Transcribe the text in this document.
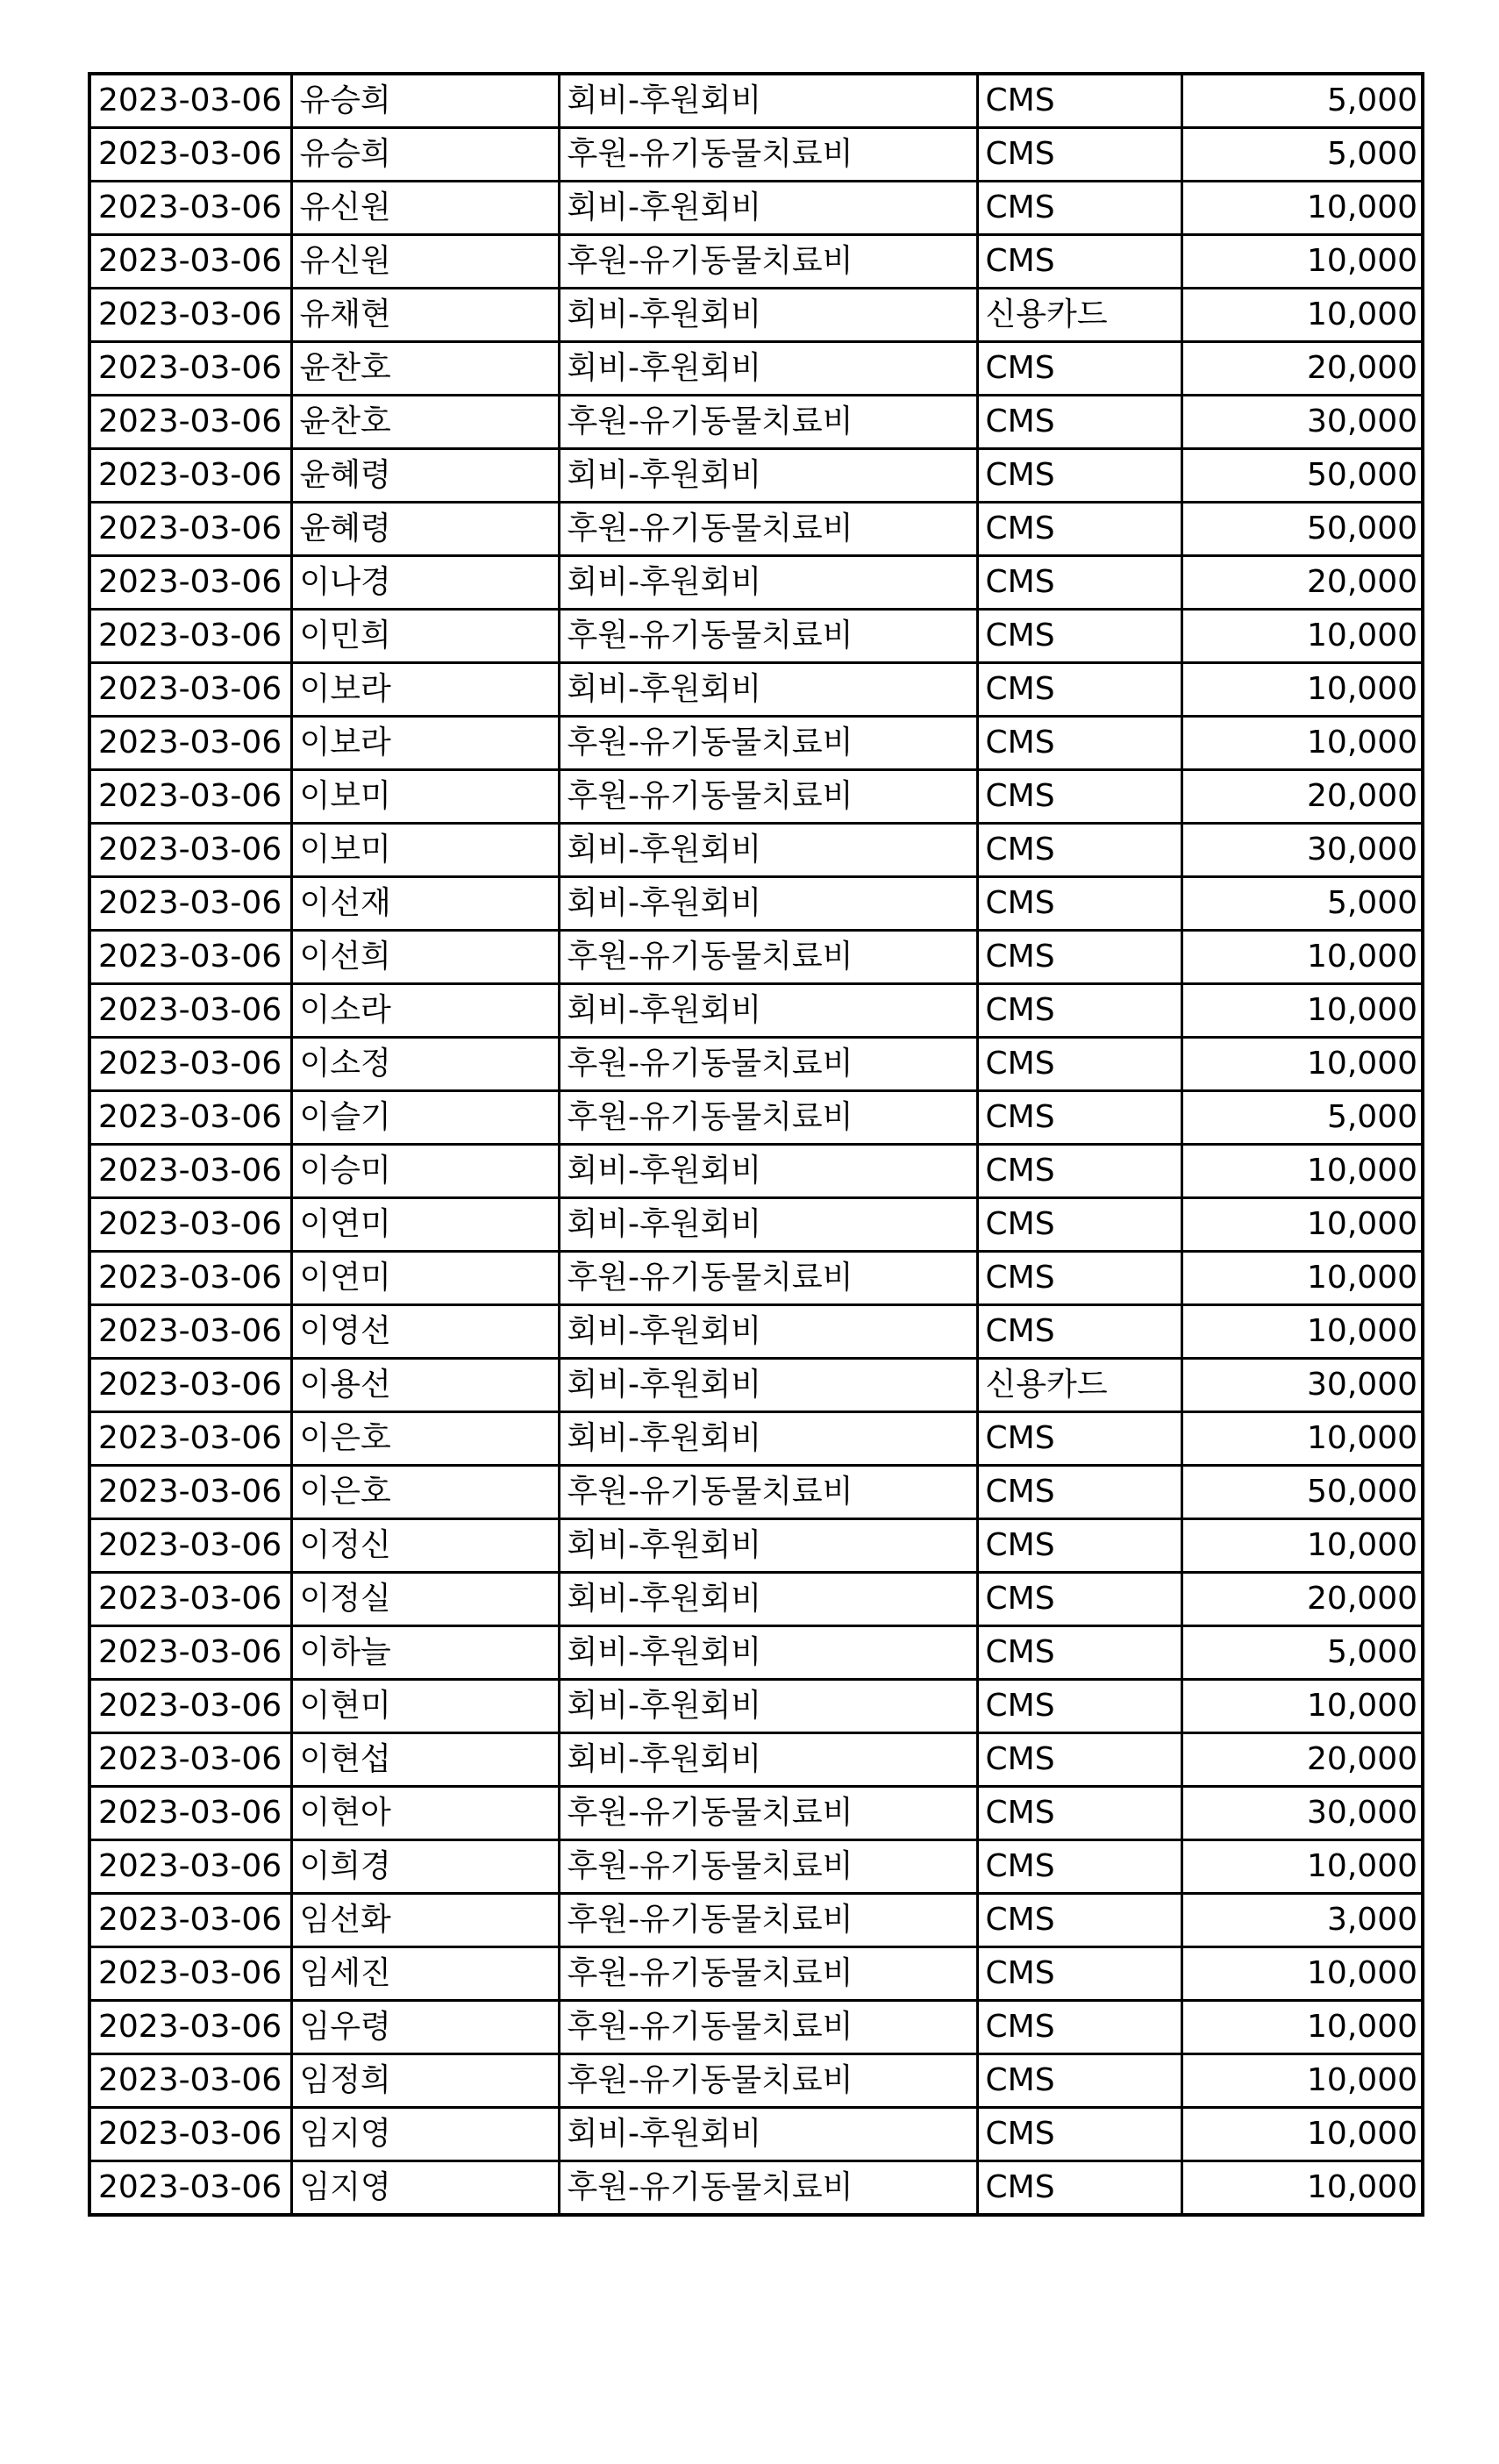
2023-03-06	유승희	회비-후원회비	CMS	5,000
2023-03-06	유승희	후원-유기동물치료비	CMS	5,000
2023-03-06	유신원	회비-후원회비	CMS	10,000
2023-03-06	유신원	후원-유기동물치료비	CMS	10,000
2023-03-06	유채현	회비-후원회비	신용카드	10,000
2023-03-06	윤찬호	회비-후원회비	CMS	20,000
2023-03-06	윤찬호	후원-유기동물치료비	CMS	30,000
2023-03-06	윤혜령	회비-후원회비	CMS	50,000
2023-03-06	윤혜령	후원-유기동물치료비	CMS	50,000
2023-03-06	이나경	회비-후원회비	CMS	20,000
2023-03-06	이민희	후원-유기동물치료비	CMS	10,000
2023-03-06	이보라	회비-후원회비	CMS	10,000
2023-03-06	이보라	후원-유기동물치료비	CMS	10,000
2023-03-06	이보미	후원-유기동물치료비	CMS	20,000
2023-03-06	이보미	회비-후원회비	CMS	30,000
2023-03-06	이선재	회비-후원회비	CMS	5,000
2023-03-06	이선희	후원-유기동물치료비	CMS	10,000
2023-03-06	이소라	회비-후원회비	CMS	10,000
2023-03-06	이소정	후원-유기동물치료비	CMS	10,000
2023-03-06	이슬기	후원-유기동물치료비	CMS	5,000
2023-03-06	이승미	회비-후원회비	CMS	10,000
2023-03-06	이연미	회비-후원회비	CMS	10,000
2023-03-06	이연미	후원-유기동물치료비	CMS	10,000
2023-03-06	이영선	회비-후원회비	CMS	10,000
2023-03-06	이용선	회비-후원회비	신용카드	30,000
2023-03-06	이은호	회비-후원회비	CMS	10,000
2023-03-06	이은호	후원-유기동물치료비	CMS	50,000
2023-03-06	이정신	회비-후원회비	CMS	10,000
2023-03-06	이정실	회비-후원회비	CMS	20,000
2023-03-06	이하늘	회비-후원회비	CMS	5,000
2023-03-06	이현미	회비-후원회비	CMS	10,000
2023-03-06	이현섭	회비-후원회비	CMS	20,000
2023-03-06	이현아	후원-유기동물치료비	CMS	30,000
2023-03-06	이희경	후원-유기동물치료비	CMS	10,000
2023-03-06	임선화	후원-유기동물치료비	CMS	3,000
2023-03-06	임세진	후원-유기동물치료비	CMS	10,000
2023-03-06	임우령	후원-유기동물치료비	CMS	10,000
2023-03-06	임정희	후원-유기동물치료비	CMS	10,000
2023-03-06	임지영	회비-후원회비	CMS	10,000
2023-03-06	임지영	후원-유기동물치료비	CMS	10,000
